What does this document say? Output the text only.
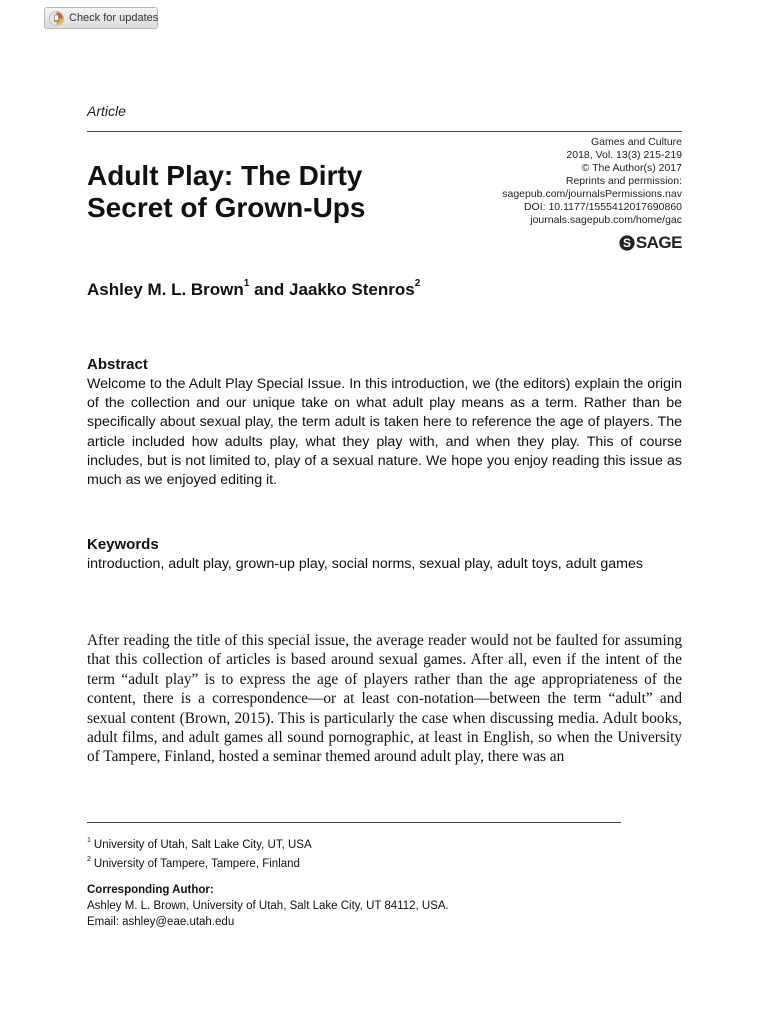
Check for updates
Article
Adult Play: The Dirty
Secret of Grown-Ups
Games and Culture
2018, Vol. 13(3) 215-219
© The Author(s) 2017
Reprints and permission:
sagepub.com/journalsPermissions.nav
DOI: 10.1177/1555412017690860
journals.sagepub.com/home/gac
S SAGE
Ashley M. L. Brown$^1$ and Jaakko Stenros$^2$
Abstract

Welcome to the Adult Play Special Issue. In this introduction, we (the editors) explain the origin of the collection and our unique take on what adult play means as a term. Rather than be specifically about sexual play, the term adult is taken here to reference the age of players. The article included how adults play, what they play with, and when they play. This of course includes, but is not limited to, play of a sexual nature. We hope you enjoy reading this issue as much as we enjoyed editing it.

Keywords

introduction, adult play, grown-up play, social norms, sexual play, adult toys, adult games

After reading the title of this special issue, the average reader would not be faulted for assuming that this collection of articles is based around sexual games. After all, even if the intent of the term “adult play” is to express the age of players rather than the age appropriateness of the content, there is a correspondence—or at least con-notation—between the term “adult” and sexual content (Brown, 2015). This is particularly the case when discussing media. Adult books, adult films, and adult games all sound pornographic, at least in English, so when the University of Tampere, Finland, hosted a seminar themed around adult play, there was an

$^1$ University of Utah, Salt Lake City, UT, USA
$^2$ University of Tampere, Tampere, Finland
Corresponding Author:
Ashley M. L. Brown, University of Utah, Salt Lake City, UT 84112, USA.
Email: ashley@eae.utah.edu
